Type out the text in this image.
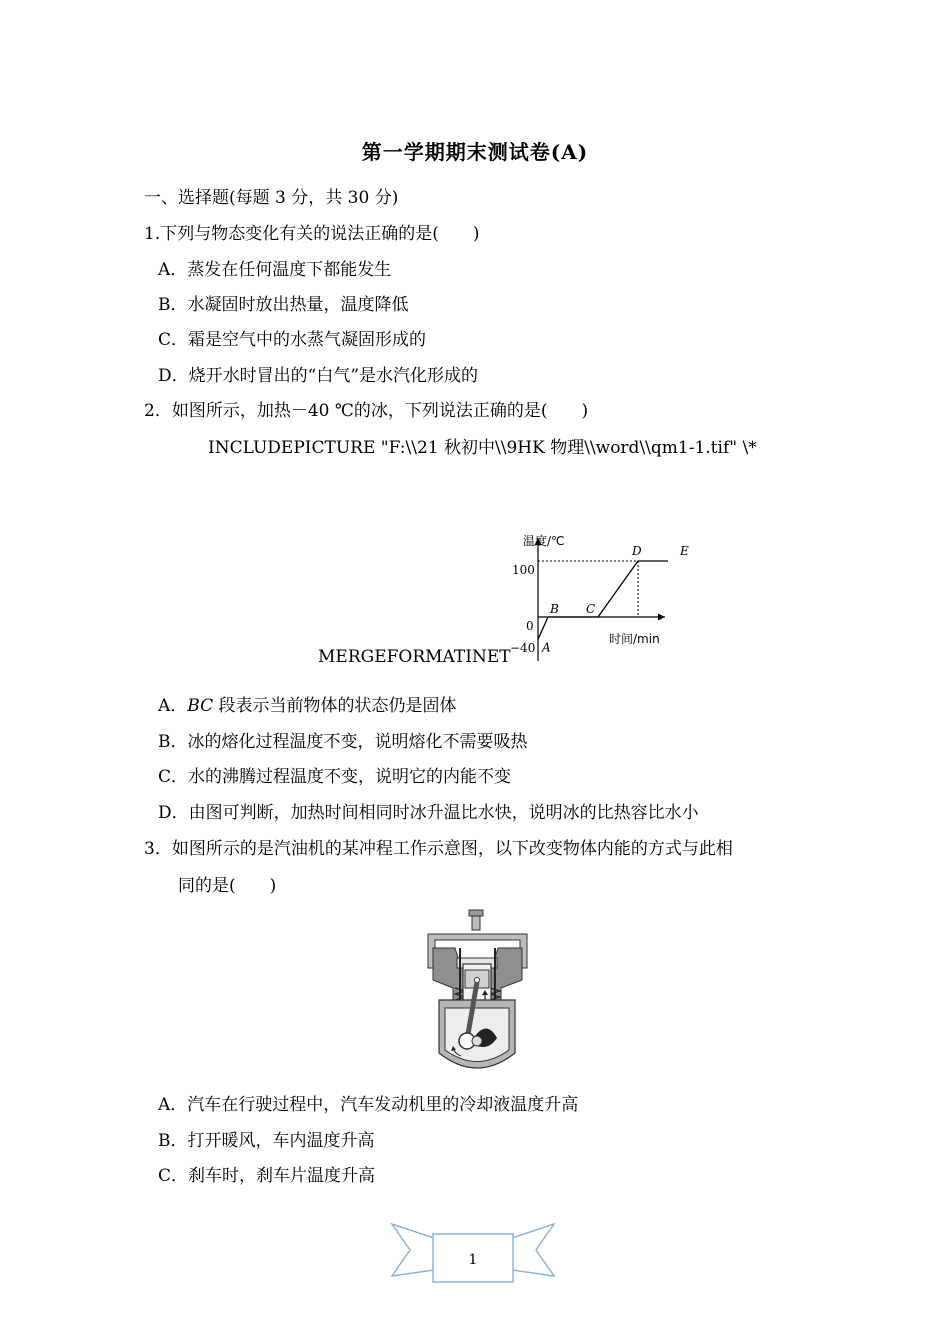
第一学期期末测试卷(A)
一、选择题(每题 3 分，共 30 分)
1.下列与物态变化有关的说法正确的是(　　)
A．蒸发在任何温度下都能发生
B．水凝固时放出热量，温度降低
C．霜是空气中的水蒸气凝固形成的
D．烧开水时冒出的“白气”是水汽化形成的
2．如图所示，加热－40 ℃的冰，下列说法正确的是(　　)
INCLUDEPICTURE "F:\\21 秋初中\\9HK 物理\\word\\qm1-1.tif" \*
MERGEFORMATINET
温度/℃
时间/min
100
0
−40 A
B C
D	E
A．BC 段表示当前物体的状态仍是固体
B．冰的熔化过程温度不变，说明熔化不需要吸热
C．水的沸腾过程温度不变，说明它的内能不变
D．由图可判断，加热时间相同时冰升温比水快，说明冰的比热容比水小
3．如图所示的是汽油机的某冲程工作示意图，以下改变物体内能的方式与此相
同的是(　　)
A．汽车在行驶过程中，汽车发动机里的冷却液温度升高
B．打开暖风，车内温度升高
C．刹车时，刹车片温度升高
1
